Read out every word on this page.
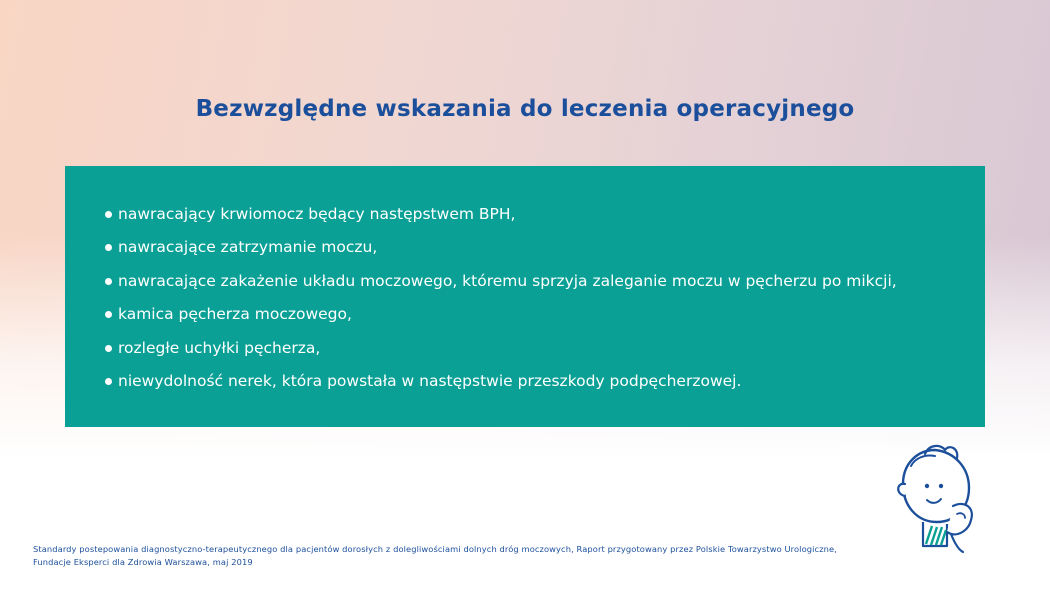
Bezwzględne wskazania do leczenia operacyjnego
nawracający krwiomocz będący następstwem BPH,
nawracające zatrzymanie moczu,
nawracające zakażenie układu moczowego, któremu sprzyja zaleganie moczu w pęcherzu po mikcji,
kamica pęcherza moczowego,
rozległe uchyłki pęcherza,
niewydolność nerek, która powstała w następstwie przeszkody podpęcherzowej.
Standardy postepowania diagnostyczno-terapeutycznego dla pacjentów dorosłych z dolegliwościami dolnych dróg moczowych, Raport przygotowany przez Polskie Towarzystwo Urologiczne,
Fundacje Eksperci dla Zdrowia Warszawa, maj 2019
